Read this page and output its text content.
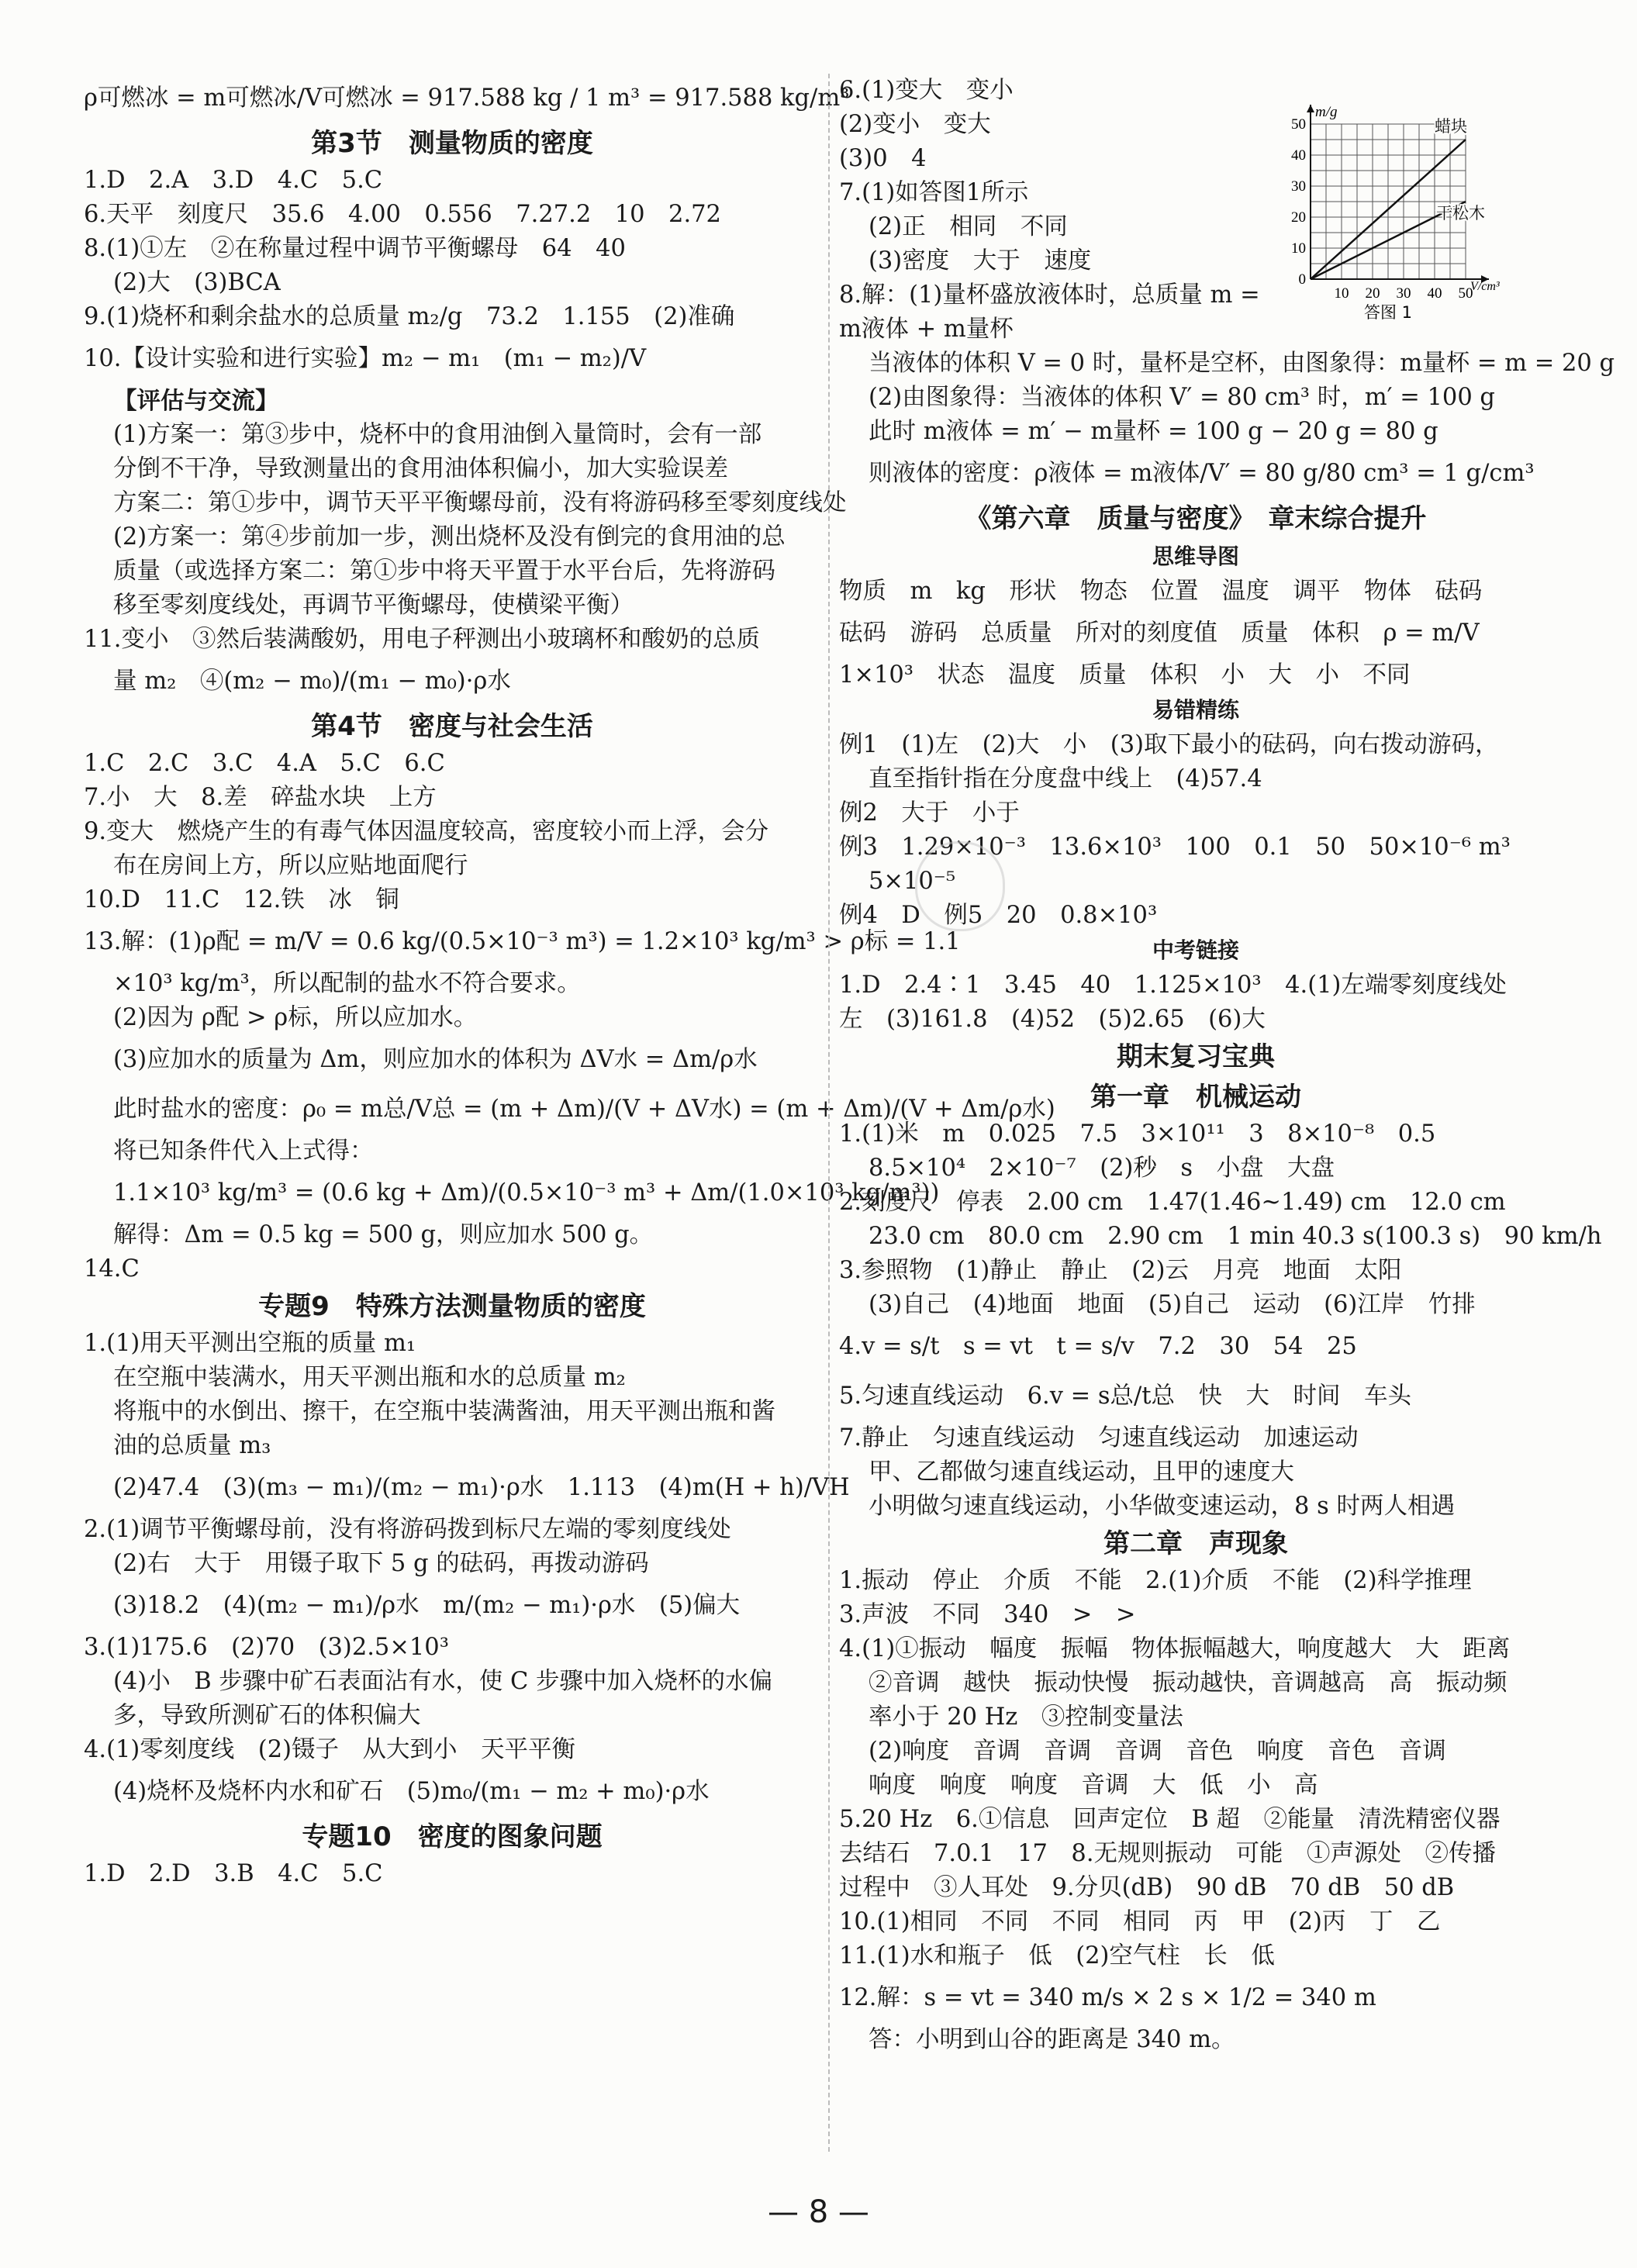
ρ可燃冰 = m可燃冰/V可燃冰 = 917.588 kg / 1 m³ = 917.588 kg/m³
第3节　测量物质的密度
1.D　2.A　3.D　4.C　5.C
6.天平　刻度尺　35.6　4.00　0.556　7.27.2　10　2.72
8.(1)①左　②在称量过程中调节平衡螺母　64　40
(2)大　(3)BCA
9.(1)烧杯和剩余盐水的总质量 m₂/g　73.2　1.155　(2)准确
10.【设计实验和进行实验】m₂ − m₁　(m₁ − m₂)/V
【评估与交流】
(1)方案一：第③步中，烧杯中的食用油倒入量筒时，会有一部
分倒不干净，导致测量出的食用油体积偏小，加大实验误差
方案二：第①步中，调节天平平衡螺母前，没有将游码移至零刻度线处
(2)方案一：第④步前加一步，测出烧杯及没有倒完的食用油的总
质量（或选择方案二：第①步中将天平置于水平台后，先将游码
移至零刻度线处，再调节平衡螺母，使横梁平衡）
11.变小　③然后装满酸奶，用电子秤测出小玻璃杯和酸奶的总质
量 m₂　④(m₂ − m₀)/(m₁ − m₀)·ρ水
第4节　密度与社会生活
1.C　2.C　3.C　4.A　5.C　6.C
7.小　大　8.差　碎盐水块　上方
9.变大　燃烧产生的有毒气体因温度较高，密度较小而上浮，会分
布在房间上方，所以应贴地面爬行
10.D　11.C　12.铁　冰　铜
13.解：(1)ρ配 = m/V = 0.6 kg/(0.5×10⁻³ m³) = 1.2×10³ kg/m³ > ρ标 = 1.1
×10³ kg/m³，所以配制的盐水不符合要求。
(2)因为 ρ配 > ρ标，所以应加水。
(3)应加水的质量为 Δm，则应加水的体积为 ΔV水 = Δm/ρ水
此时盐水的密度：ρ₀ = m总/V总 = (m + Δm)/(V + ΔV水) = (m + Δm)/(V + Δm/ρ水)
将已知条件代入上式得：
1.1×10³ kg/m³ = (0.6 kg + Δm)/(0.5×10⁻³ m³ + Δm/(1.0×10³ kg/m³))
解得：Δm = 0.5 kg = 500 g，则应加水 500 g。
14.C
专题9　特殊方法测量物质的密度
1.(1)用天平测出空瓶的质量 m₁
在空瓶中装满水，用天平测出瓶和水的总质量 m₂
将瓶中的水倒出、擦干，在空瓶中装满酱油，用天平测出瓶和酱
油的总质量 m₃
(2)47.4　(3)(m₃ − m₁)/(m₂ − m₁)·ρ水　1.113　(4)m(H + h)/VH
2.(1)调节平衡螺母前，没有将游码拨到标尺左端的零刻度线处
(2)右　大于　用镊子取下 5 g 的砝码，再拨动游码
(3)18.2　(4)(m₂ − m₁)/ρ水　m/(m₂ − m₁)·ρ水　(5)偏大
3.(1)175.6　(2)70　(3)2.5×10³
(4)小　B 步骤中矿石表面沾有水，使 C 步骤中加入烧杯的水偏
多，导致所测矿石的体积偏大
4.(1)零刻度线　(2)镊子　从大到小　天平平衡
(4)烧杯及烧杯内水和矿石　(5)m₀/(m₁ − m₂ + m₀)·ρ水
专题10　密度的图象问题
1.D　2.D　3.B　4.C　5.C
6.(1)变大　变小
(2)变小　变大
(3)0　4
7.(1)如答图1所示
(2)正　相同　不同
(3)密度　大于　速度
8.解：(1)量杯盛放液体时，总质量 m =
m液体 + m量杯
当液体的体积 V = 0 时，量杯是空杯，由图象得：m量杯 = m = 20 g
(2)由图象得：当液体的体积 V′ = 80 cm³ 时，m′ = 100 g
此时 m液体 = m′ − m量杯 = 100 g − 20 g = 80 g
则液体的密度：ρ液体 = m液体/V′ = 80 g/80 cm³ = 1 g/cm³
《第六章　质量与密度》　章末综合提升
思维导图
物质　m　kg　形状　物态　位置　温度　调平　物体　砝码
砝码　游码　总质量　所对的刻度值　质量　体积　ρ = m/V
1×10³　状态　温度　质量　体积　小　大　小　不同
易错精练
例1　(1)左　(2)大　小　(3)取下最小的砝码，向右拨动游码，
直至指针指在分度盘中线上　(4)57.4
例2　大于　小于
例3　1.29×10⁻³　13.6×10³　100　0.1　50　50×10⁻⁶ m³
5×10⁻⁵
例4　D　例5　20　0.8×10³
中考链接
1.D　2.4∶1　3.45　40　1.125×10³　4.(1)左端零刻度线处
左　(3)161.8　(4)52　(5)2.65　(6)大
期末复习宝典
第一章　机械运动
1.(1)米　m　0.025　7.5　3×10¹¹　3　8×10⁻⁸　0.5
8.5×10⁴　2×10⁻⁷　(2)秒　s　小盘　大盘
2.刻度尺　停表　2.00 cm　1.47(1.46~1.49) cm　12.0 cm
23.0 cm　80.0 cm　2.90 cm　1 min 40.3 s(100.3 s)　90 km/h
3.参照物　(1)静止　静止　(2)云　月亮　地面　太阳
(3)自己　(4)地面　地面　(5)自己　运动　(6)江岸　竹排
4.v = s/t　s = vt　t = s/v　7.2　30　54　25
5.匀速直线运动　6.v = s总/t总　快　大　时间　车头
7.静止　匀速直线运动　匀速直线运动　加速运动
甲、乙都做匀速直线运动，且甲的速度大
小明做匀速直线运动，小华做变速运动，8 s 时两人相遇
第二章　声现象
1.振动　停止　介质　不能　2.(1)介质　不能　(2)科学推理
3.声波　不同　340　>　>
4.(1)①振动　幅度　振幅　物体振幅越大，响度越大　大　距离
②音调　越快　振动快慢　振动越快，音调越高　高　振动频
率小于 20 Hz　③控制变量法
(2)响度　音调　音调　音调　音色　响度　音色　音调
响度　响度　响度　音调　大　低　小　高
5.20 Hz　6.①信息　回声定位　B 超　②能量　清洗精密仪器
去结石　7.0.1　17　8.无规则振动　可能　①声源处　②传播
过程中　③人耳处　9.分贝(dB)　90 dB　70 dB　50 dB
10.(1)相同　不同　不同　相同　丙　甲　(2)丙　丁　乙
11.(1)水和瓶子　低　(2)空气柱　长　低
12.解：s = vt = 340 m/s × 2 s × 1/2 = 340 m
答：小明到山谷的距离是 340 m。
10 20 30 40 50
0
10
20
30
40
50
m/g
V/cm³
蜡块
干松木
答图 1
— 8 —
